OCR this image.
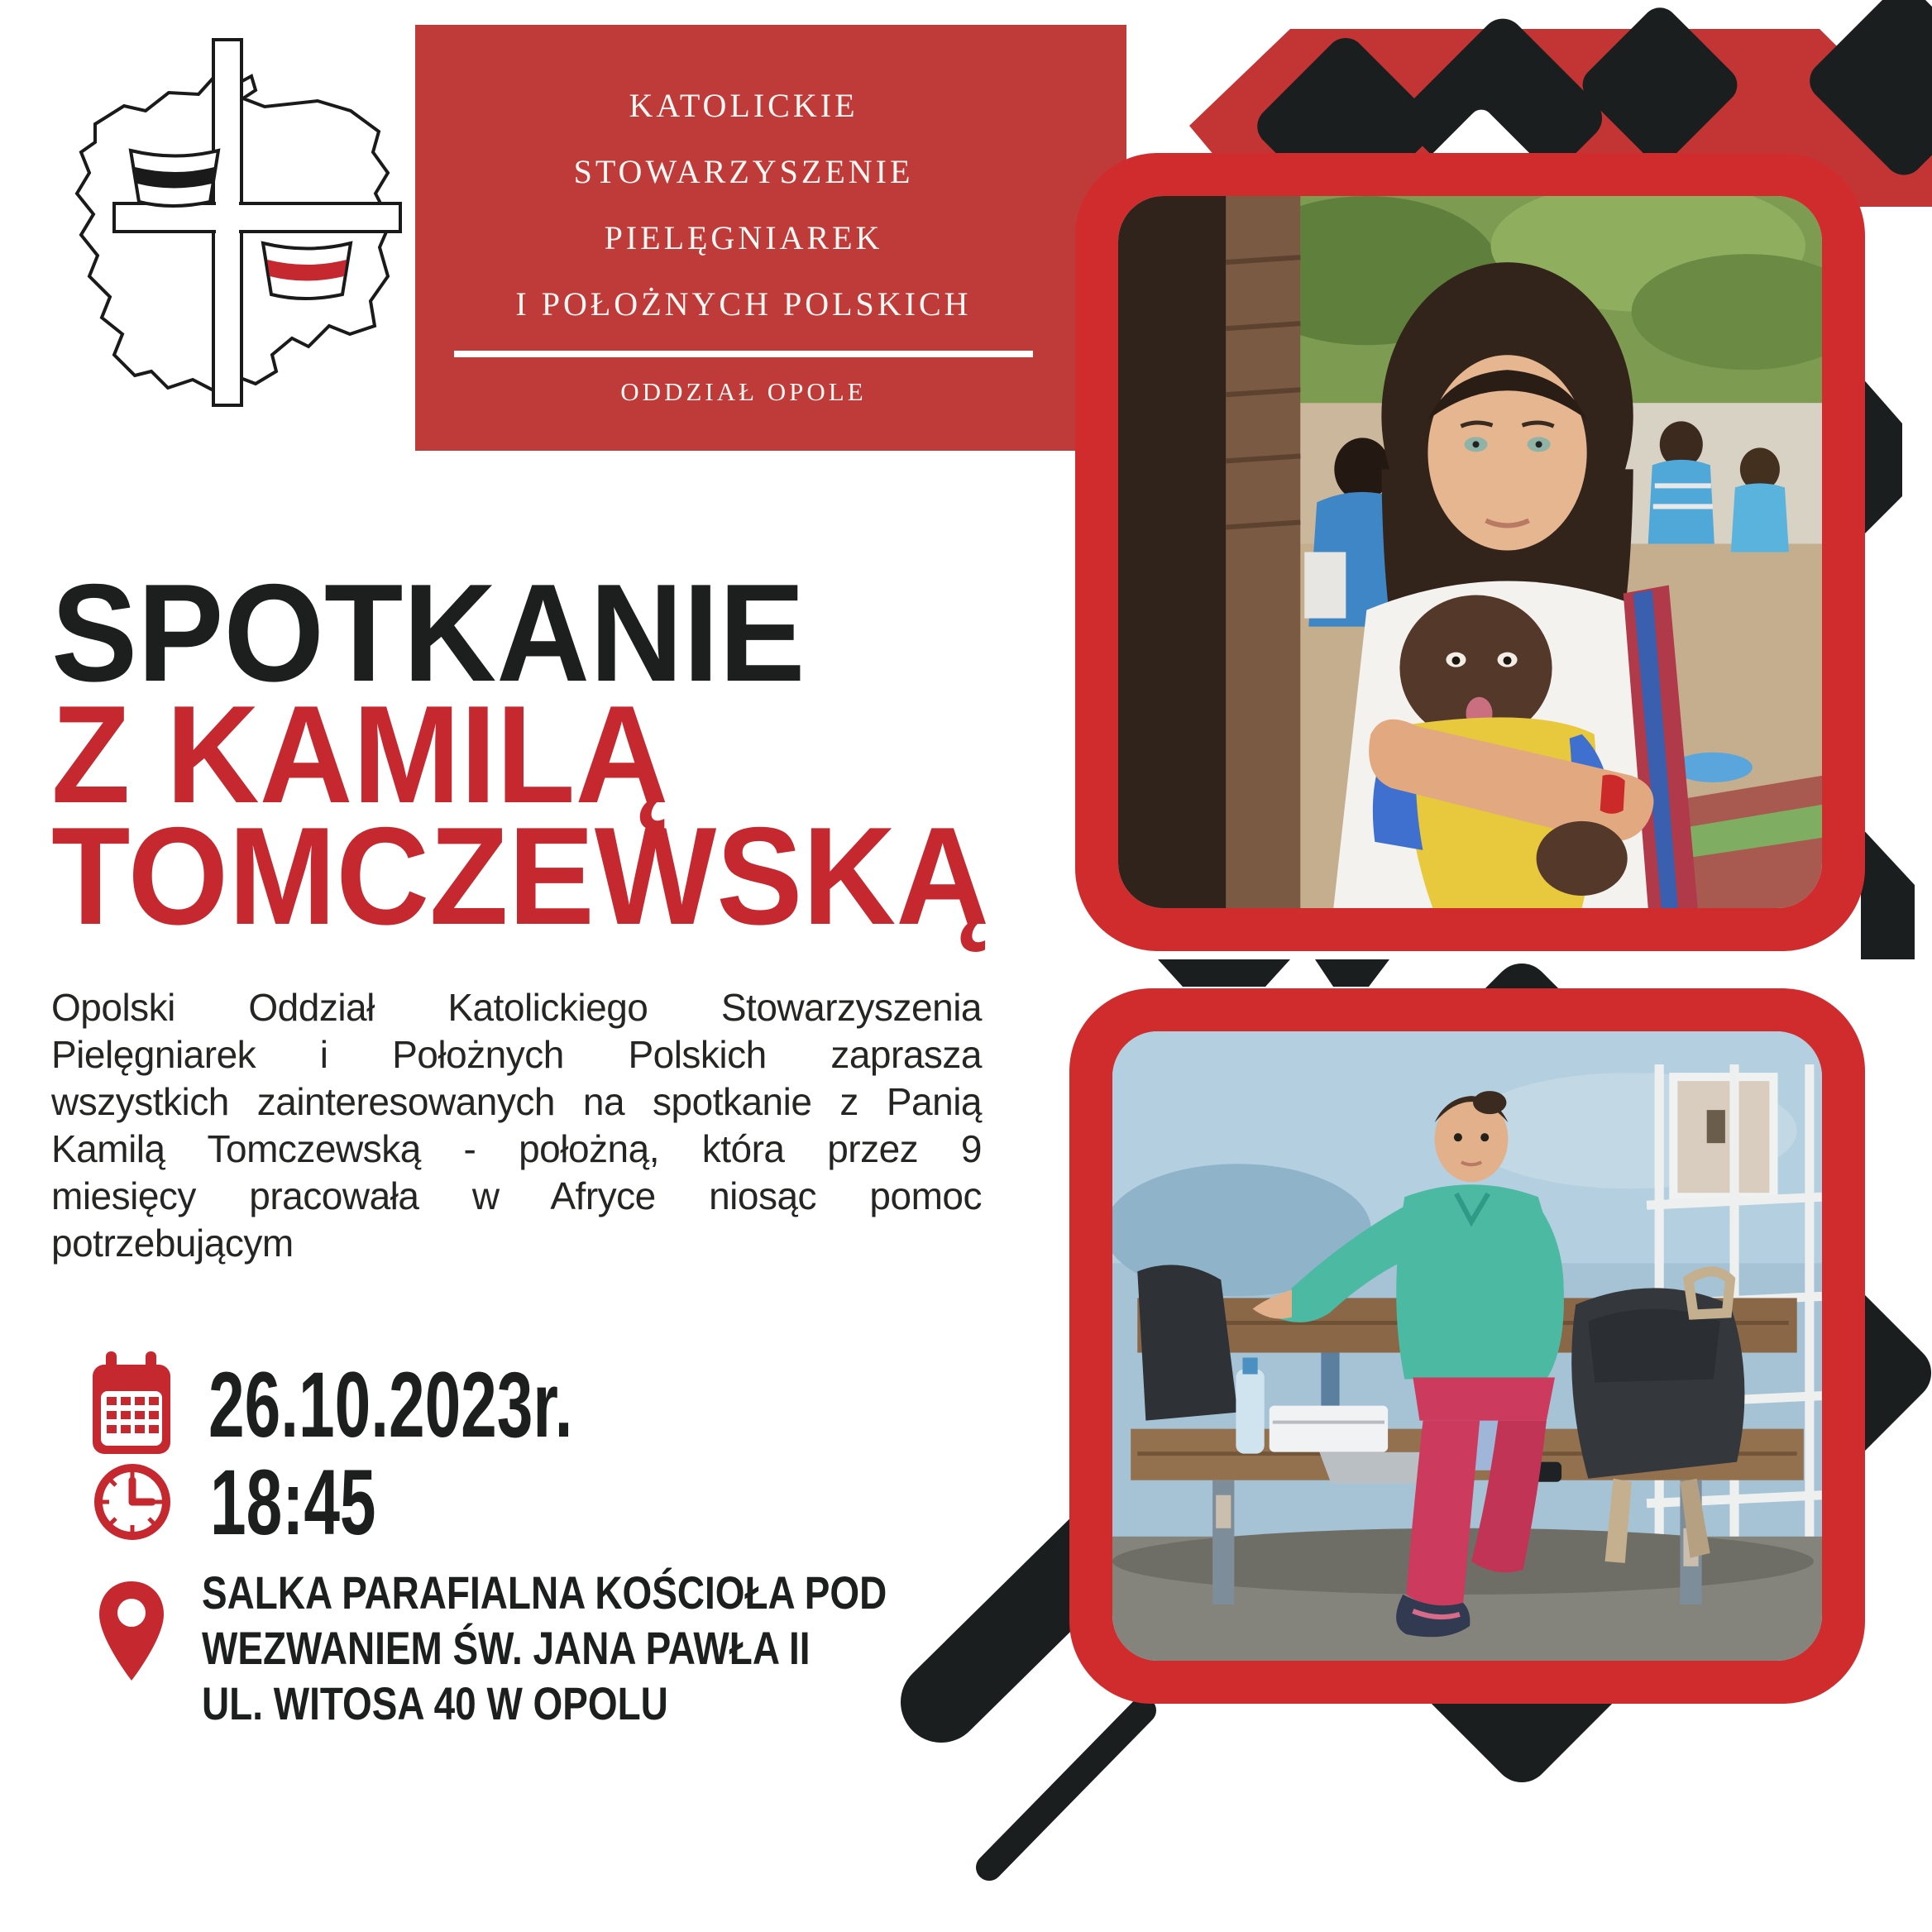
KATOLICKIE
STOWARZYSZENIE
PIELĘGNIAREK
I POŁOŻNYCH POLSKICH
ODDZIAŁ OPOLE
SPOTKANIE
Z KAMILĄ
TOMCZEWSKĄ
Opolski Oddział Katolickiego Stowarzyszenia
Pielęgniarek i Położnych Polskich zaprasza
wszystkich zainteresowanych na spotkanie z Panią
Kamilą Tomczewską - położną, która przez 9
miesięcy pracowała w Afryce niosąc pomoc
potrzebującym
26.10.2023r.
18:45
SALKA PARAFIALNA KOŚCIOŁA POD
WEZWANIEM ŚW. JANA PAWŁA II
UL. WITOSA 40 W OPOLU
